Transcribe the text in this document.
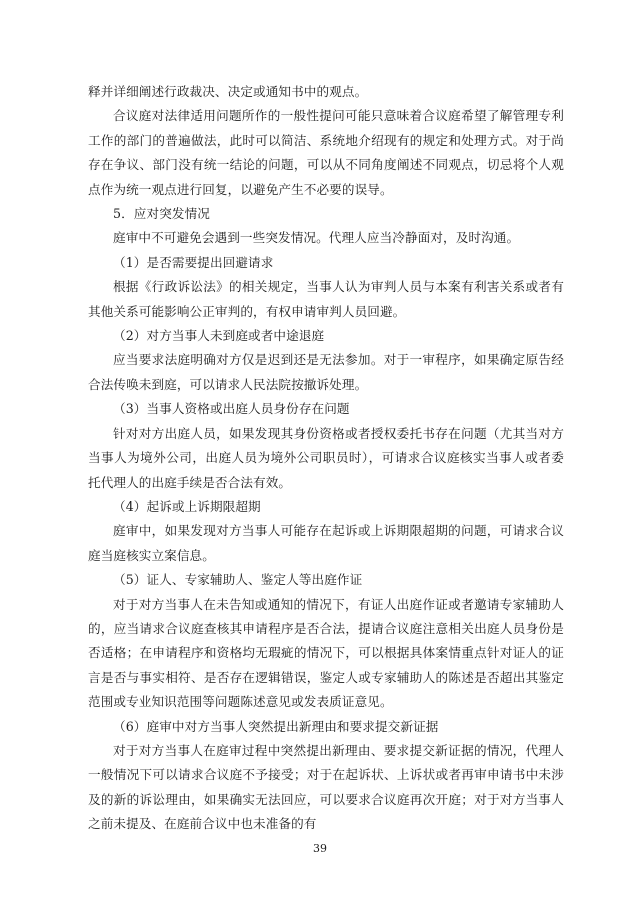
释并详细阐述行政裁决、决定或通知书中的观点。

合议庭对法律适用问题所作的一般性提问可能只意味着合议庭希望了解管理专利工作的部门的普遍做法，此时可以简洁、系统地介绍现有的规定和处理方式。对于尚存在争议、部门没有统一结论的问题，可以从不同角度阐述不同观点，切忌将个人观点作为统一观点进行回复，以避免产生不必要的误导。

5．应对突发情况

庭审中不可避免会遇到一些突发情况。代理人应当冷静面对，及时沟通。

（1）是否需要提出回避请求

根据《行政诉讼法》的相关规定，当事人认为审判人员与本案有利害关系或者有其他关系可能影响公正审判的，有权申请审判人员回避。

（2）对方当事人未到庭或者中途退庭

应当要求法庭明确对方仅是迟到还是无法参加。对于一审程序，如果确定原告经合法传唤未到庭，可以请求人民法院按撤诉处理。

（3）当事人资格或出庭人员身份存在问题

针对对方出庭人员，如果发现其身份资格或者授权委托书存在问题（尤其当对方当事人为境外公司，出庭人员为境外公司职员时），可请求合议庭核实当事人或者委托代理人的出庭手续是否合法有效。

（4）起诉或上诉期限超期

庭审中，如果发现对方当事人可能存在起诉或上诉期限超期的问题，可请求合议庭当庭核实立案信息。

（5）证人、专家辅助人、鉴定人等出庭作证

对于对方当事人在未告知或通知的情况下，有证人出庭作证或者邀请专家辅助人的，应当请求合议庭查核其申请程序是否合法，提请合议庭注意相关出庭人员身份是否适格；在申请程序和资格均无瑕疵的情况下，可以根据具体案情重点针对证人的证言是否与事实相符、是否存在逻辑错误，鉴定人或专家辅助人的陈述是否超出其鉴定范围或专业知识范围等问题陈述意见或发表质证意见。

（6）庭审中对方当事人突然提出新理由和要求提交新证据

对于对方当事人在庭审过程中突然提出新理由、要求提交新证据的情况，代理人一般情况下可以请求合议庭不予接受；对于在起诉状、上诉状或者再审申请书中未涉及的新的诉讼理由，如果确实无法回应，可以要求合议庭再次开庭；对于对方当事人之前未提及、在庭前合议中也未准备的有

39
